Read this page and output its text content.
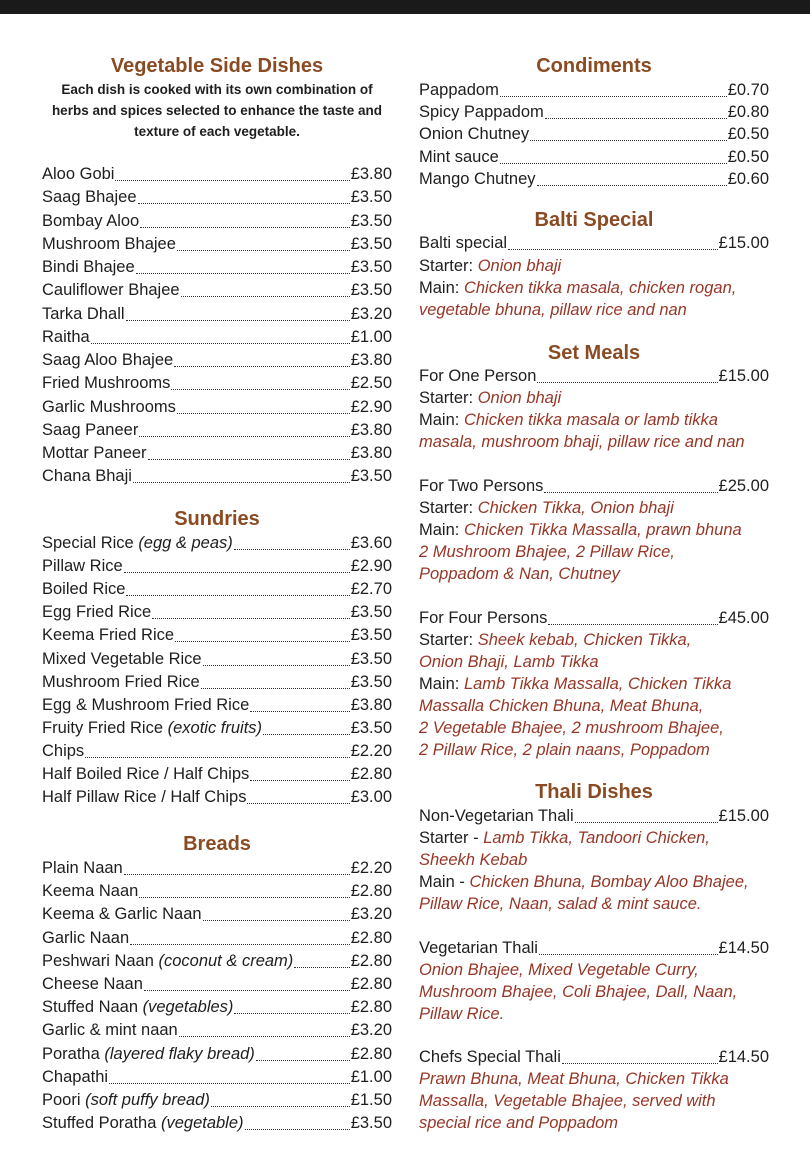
Vegetable Side Dishes
Each dish is cooked with its own combination of
herbs and spices selected to enhance the taste and
texture of each vegetable.
Aloo Gobi	£3.80
Saag Bhajee	£3.50
Bombay Aloo	£3.50
Mushroom Bhajee	£3.50
Bindi Bhajee	£3.50
Cauliflower Bhajee	£3.50
Tarka Dhall	£3.20
Raitha	£1.00
Saag Aloo Bhajee	£3.80
Fried Mushrooms	£2.50
Garlic Mushrooms	£2.90
Saag Paneer	£3.80
Mottar Paneer	£3.80
Chana Bhaji	£3.50
Sundries
Special Rice (egg & peas)	£3.60
Pillaw Rice	£2.90
Boiled Rice	£2.70
Egg Fried Rice	£3.50
Keema Fried Rice	£3.50
Mixed Vegetable Rice	£3.50
Mushroom Fried Rice	£3.50
Egg & Mushroom Fried Rice	£3.80
Fruity Fried Rice (exotic fruits)	£3.50
Chips	£2.20
Half Boiled Rice / Half Chips	£2.80
Half Pillaw Rice / Half Chips	£3.00
Breads
Plain Naan	£2.20
Keema Naan	£2.80
Keema & Garlic Naan	£3.20
Garlic Naan	£2.80
Peshwari Naan (coconut & cream)	£2.80
Cheese Naan	£2.80
Stuffed Naan (vegetables)	£2.80
Garlic & mint naan	£3.20
Poratha (layered flaky bread)	£2.80
Chapathi	£1.00
Poori (soft puffy bread)	£1.50
Stuffed Poratha (vegetable)	£3.50
Condiments
Pappadom	£0.70
Spicy Pappadom	£0.80
Onion Chutney	£0.50
Mint sauce	£0.50
Mango Chutney	£0.60
Balti Special
Balti special	£15.00
Starter: Onion bhaji
Main: Chicken tikka masala, chicken rogan,
vegetable bhuna, pillaw rice and nan
Set Meals
For One Person	£15.00
Starter: Onion bhaji
Main: Chicken tikka masala or lamb tikka
masala, mushroom bhaji, pillaw rice and nan
For Two Persons	£25.00
Starter: Chicken Tikka, Onion bhaji
Main: Chicken Tikka Massalla, prawn bhuna
2 Mushroom Bhajee, 2 Pillaw Rice,
Poppadom & Nan, Chutney
For Four Persons	£45.00
Starter: Sheek kebab, Chicken Tikka,
Onion Bhaji, Lamb Tikka
Main: Lamb Tikka Massalla, Chicken Tikka
Massalla Chicken Bhuna, Meat Bhuna,
2 Vegetable Bhajee, 2 mushroom Bhajee,
2 Pillaw Rice, 2 plain naans, Poppadom
Thali Dishes
Non-Vegetarian Thali	£15.00
Starter - Lamb Tikka, Tandoori Chicken,
Sheekh Kebab
Main - Chicken Bhuna, Bombay Aloo Bhajee,
Pillaw Rice, Naan, salad & mint sauce.
Vegetarian Thali	£14.50
Onion Bhajee, Mixed Vegetable Curry,
Mushroom Bhajee, Coli Bhajee, Dall, Naan,
Pillaw Rice.
Chefs Special Thali	£14.50
Prawn Bhuna, Meat Bhuna, Chicken Tikka
Massalla, Vegetable Bhajee, served with
special rice and Poppadom
